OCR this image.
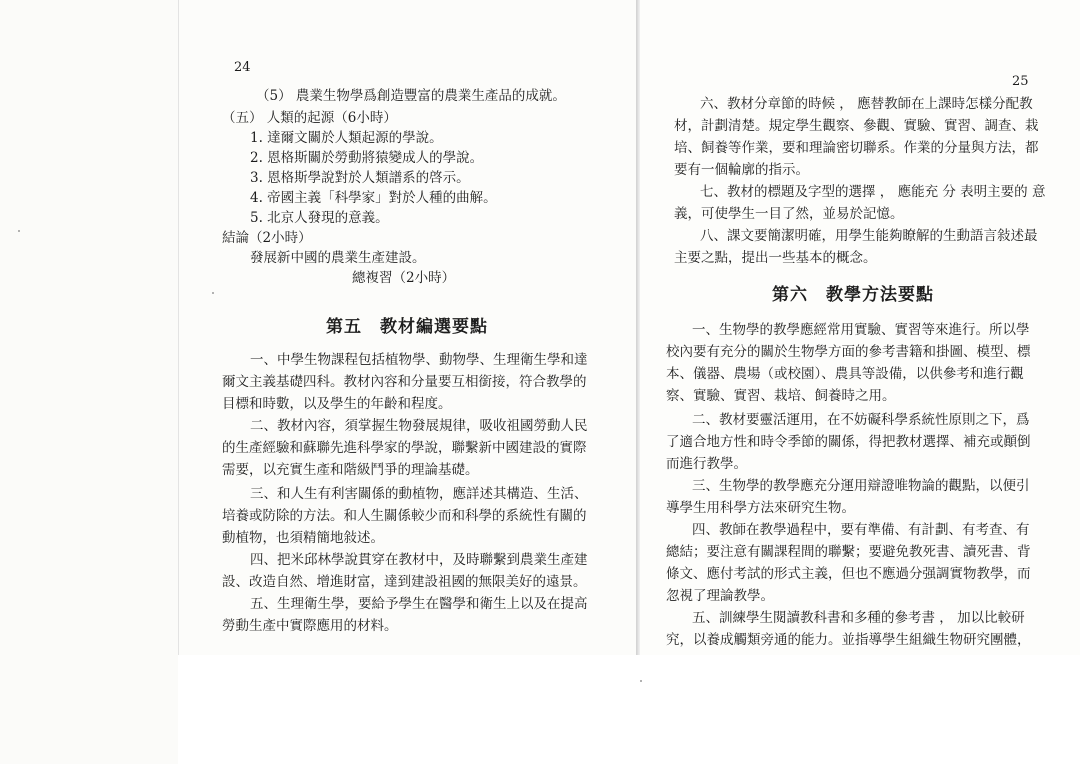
24
（5） 農業生物學爲創造豐富的農業生產品的成就。
（五） 人類的起源（6小時）
1. 達爾文關於人類起源的學說。
2. 恩格斯關於勞動將猿變成人的學說。
3. 恩格斯學說對於人類譜系的啓示。
4. 帝國主義「科學家」對於人種的曲解。
5. 北京人發現的意義。
結論（2小時）
發展新中國的農業生產建設。
總複習（2小時）
第五　教材編選要點
一、中學生物課程包括植物學、動物學、生理衛生學和達
爾文主義基礎四科。教材內容和分量要互相銜接，符合教學的
目標和時數，以及學生的年齡和程度。
二、教材內容，須掌握生物發展規律，吸收祖國勞動人民
的生產經驗和蘇聯先進科學家的學說，聯繫新中國建設的實際
需要，以充實生產和階級鬥爭的理論基礎。
三、和人生有利害關係的動植物，應詳述其構造、生活、
培養或防除的方法。和人生關係較少而和科學的系統性有關的
動植物，也須精簡地敍述。
四、把米邱林學說貫穿在教材中，及時聯繫到農業生產建
設、改造自然、增進財富，達到建設祖國的無限美好的遠景。
五、生理衛生學，要給予學生在醫學和衛生上以及在提高
勞動生產中實際應用的材料。
25
六、教材分章節的時候 ， 應替教師在上課時怎樣分配教
材，計劃清楚。規定學生觀察、參觀、實驗、實習、調查、栽
培、飼養等作業，要和理論密切聯系。作業的分量與方法，都
要有一個輪廓的指示。
七、教材的標題及字型的選擇 ， 應能充 分 表明主要的 意
義，可使學生一目了然，並易於記憶。
八、課文要簡潔明確，用學生能夠瞭解的生動語言敍述最
主要之點，提出一些基本的概念。
第六　教學方法要點
一、生物學的教學應經常用實驗、實習等來進行。所以學
校內要有充分的關於生物學方面的參考書籍和掛圖、模型、標
本、儀器、農場（或校園）、農具等設備，以供參考和進行觀
察、實驗、實習、栽培、飼養時之用。
二、教材要靈活運用，在不妨礙科學系統性原則之下，爲
了適合地方性和時令季節的關係，得把教材選擇、補充或顚倒
而進行教學。
三、生物學的教學應充分運用辯證唯物論的觀點，以便引
導學生用科學方法來研究生物。
四、教師在教學過程中，要有準備、有計劃、有考查、有
總結；要注意有關課程間的聯繫；要避免教死書、讀死書、背
條文、應付考試的形式主義，但也不應過分强調實物教學，而
忽視了理論教學。
五、訓練學生閱讀教科書和多種的參考書 ， 加以比較研
究，以養成觸類旁通的能力。並指導學生組織生物研究團體，
